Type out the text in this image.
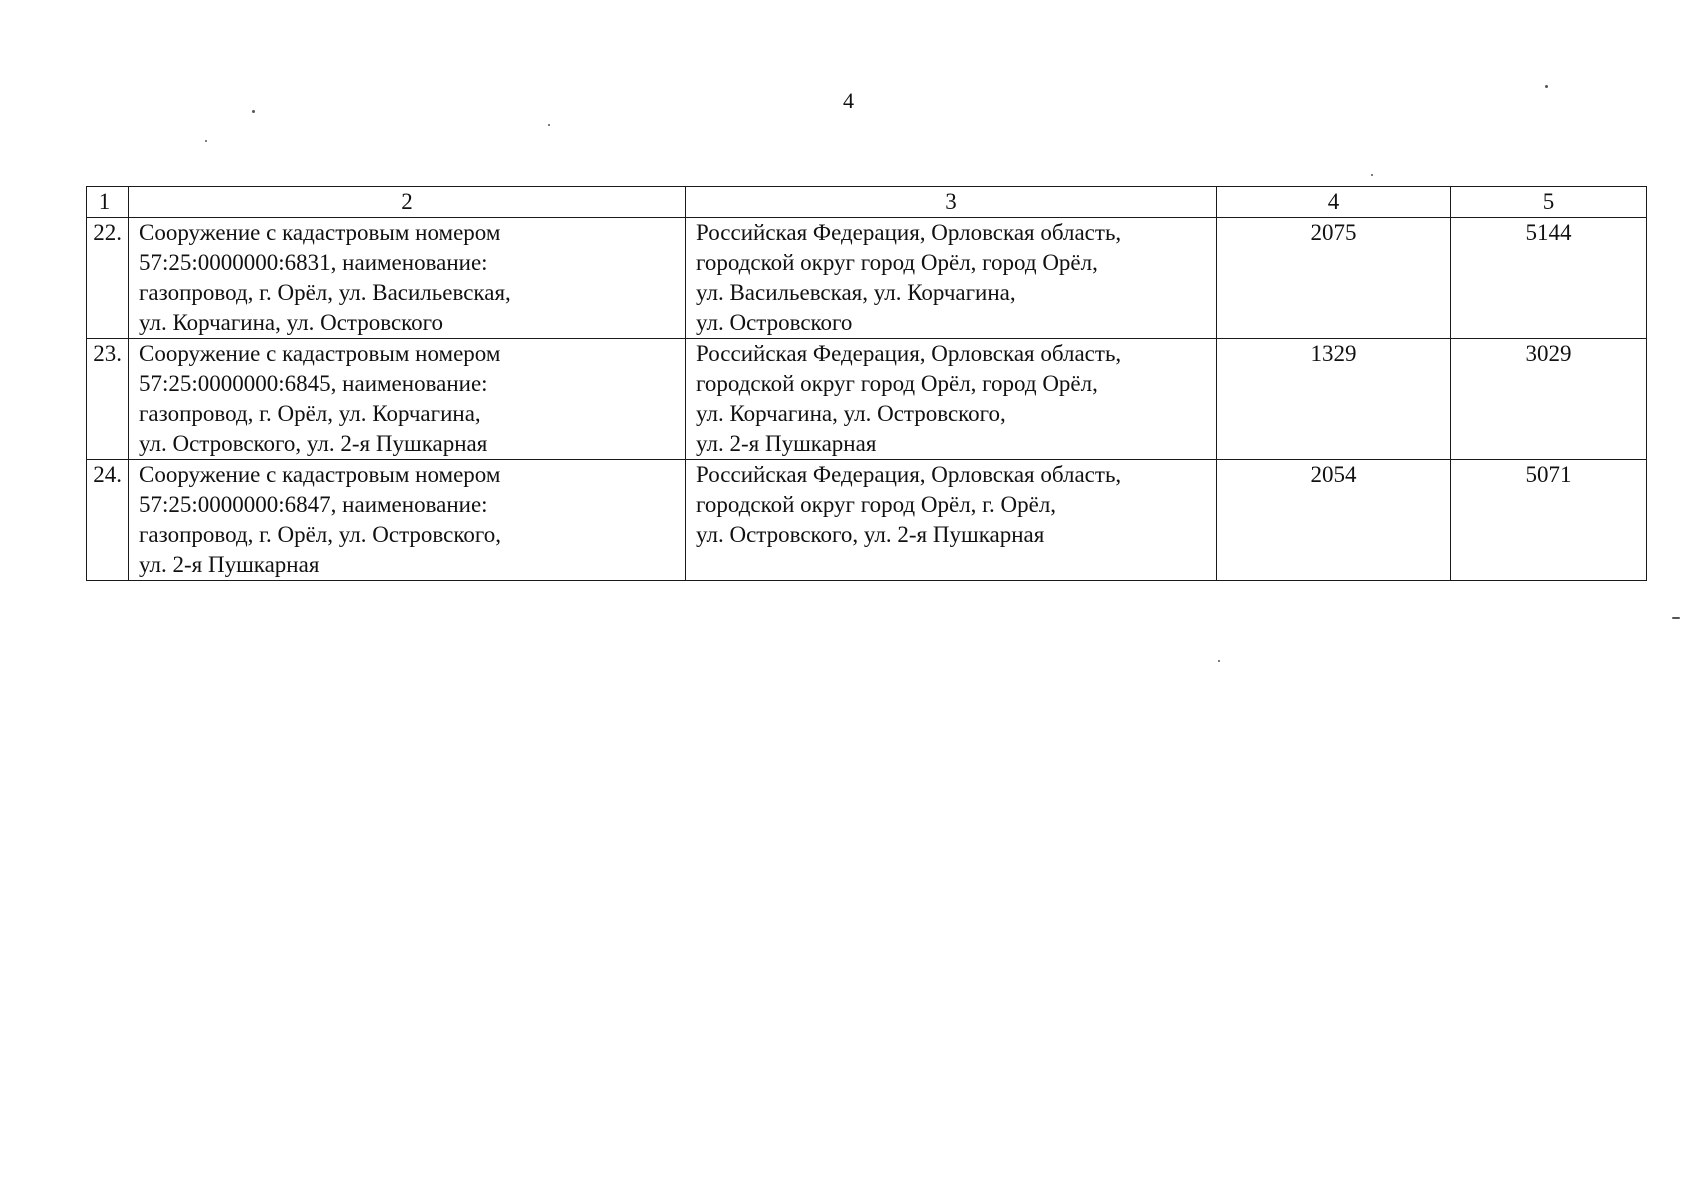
4
1	2	3	4	5
22.	Сооружение с кадастровым номером
57:25:0000000:6831, наименование:
газопровод, г. Орёл, ул. Васильевская,
ул. Корчагина, ул. Островского	Российская Федерация, Орловская область,
городской округ город Орёл, город Орёл,
ул. Васильевская, ул. Корчагина,
ул. Островского	2075	5144
23.	Сооружение с кадастровым номером
57:25:0000000:6845, наименование:
газопровод, г. Орёл, ул. Корчагина,
ул. Островского, ул. 2-я Пушкарная	Российская Федерация, Орловская область,
городской округ город Орёл, город Орёл,
ул. Корчагина, ул. Островского,
ул. 2-я Пушкарная	1329	3029
24.	Сооружение с кадастровым номером
57:25:0000000:6847, наименование:
газопровод, г. Орёл, ул. Островского,
ул. 2-я Пушкарная	Российская Федерация, Орловская область,
городской округ город Орёл, г. Орёл,
ул. Островского, ул. 2-я Пушкарная	2054	5071
